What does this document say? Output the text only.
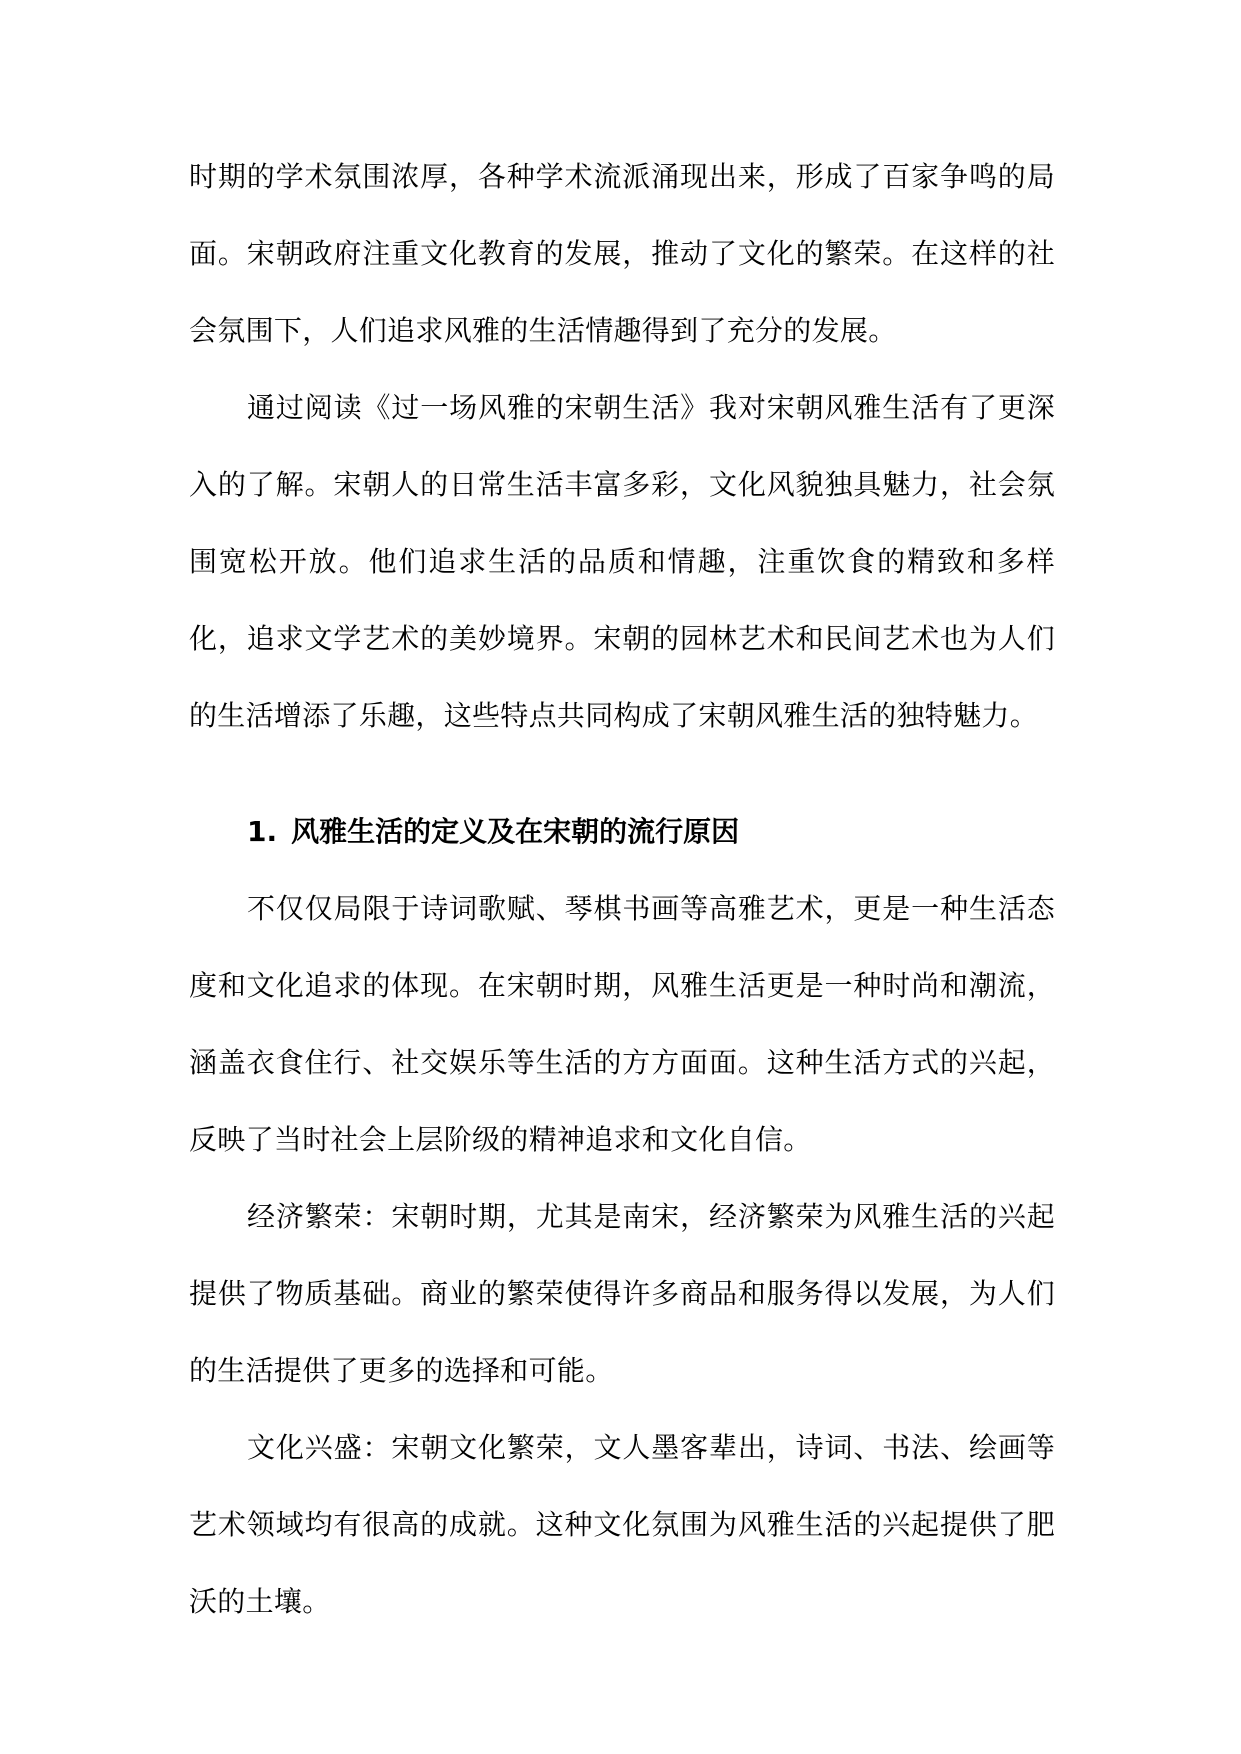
时期的学术氛围浓厚，各种学术流派涌现出来，形成了百家争鸣的局面。宋朝政府注重文化教育的发展，推动了文化的繁荣。在这样的社会氛围下，人们追求风雅的生活情趣得到了充分的发展。

通过阅读《过一场风雅的宋朝生活》我对宋朝风雅生活有了更深入的了解。宋朝人的日常生活丰富多彩，文化风貌独具魅力，社会氛围宽松开放。他们追求生活的品质和情趣，注重饮食的精致和多样化，追求文学艺术的美妙境界。宋朝的园林艺术和民间艺术也为人们的生活增添了乐趣，这些特点共同构成了宋朝风雅生活的独特魅力。

1. 风雅生活的定义及在宋朝的流行原因

不仅仅局限于诗词歌赋、琴棋书画等高雅艺术，更是一种生活态度和文化追求的体现。在宋朝时期，风雅生活更是一种时尚和潮流，涵盖衣食住行、社交娱乐等生活的方方面面。这种生活方式的兴起，反映了当时社会上层阶级的精神追求和文化自信。

经济繁荣：宋朝时期，尤其是南宋，经济繁荣为风雅生活的兴起提供了物质基础。商业的繁荣使得许多商品和服务得以发展，为人们的生活提供了更多的选择和可能。

文化兴盛：宋朝文化繁荣，文人墨客辈出，诗词、书法、绘画等艺术领域均有很高的成就。这种文化氛围为风雅生活的兴起提供了肥沃的土壤。
